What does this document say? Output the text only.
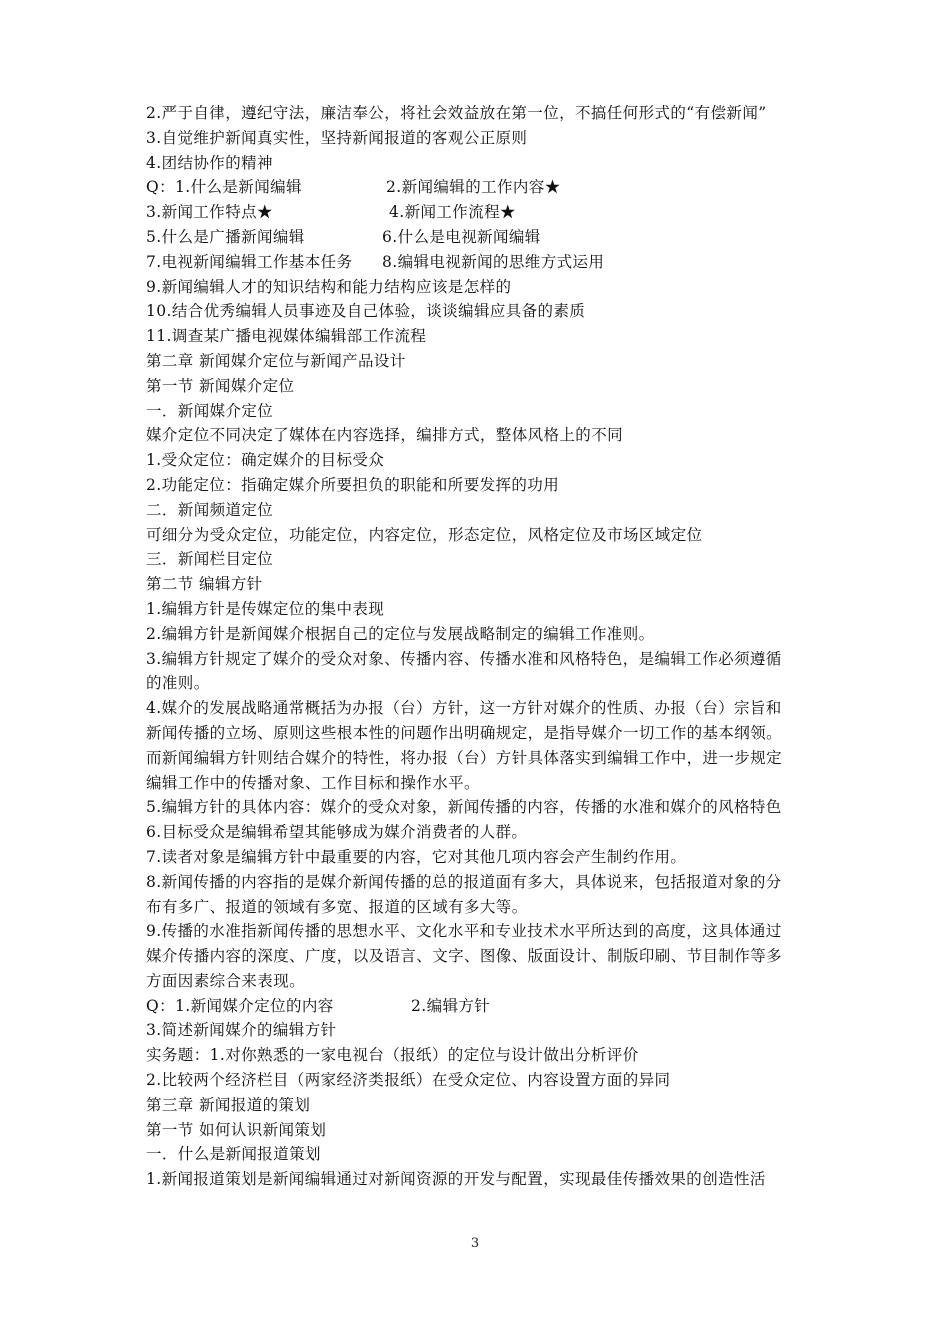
2.严于自律，遵纪守法，廉洁奉公，将社会效益放在第一位，不搞任何形式的“有偿新闻”
3.自觉维护新闻真实性，坚持新闻报道的客观公正原则
4.团结协作的精神
Q：1.什么是新闻编辑	2.新闻编辑的工作内容★
3.新闻工作特点★	4.新闻工作流程★
5.什么是广播新闻编辑	6.什么是电视新闻编辑
7.电视新闻编辑工作基本任务 8.编辑电视新闻的思维方式运用
9.新闻编辑人才的知识结构和能力结构应该是怎样的
10.结合优秀编辑人员事迹及自己体验，谈谈编辑应具备的素质
11.调查某广播电视媒体编辑部工作流程
第二章 新闻媒介定位与新闻产品设计
第一节 新闻媒介定位
一．新闻媒介定位
媒介定位不同决定了媒体在内容选择，编排方式，整体风格上的不同
1.受众定位：确定媒介的目标受众
2.功能定位：指确定媒介所要担负的职能和所要发挥的功用
二．新闻频道定位
可细分为受众定位，功能定位，内容定位，形态定位，风格定位及市场区域定位
三．新闻栏目定位
第二节 编辑方针
1.编辑方针是传媒定位的集中表现
2.编辑方针是新闻媒介根据自己的定位与发展战略制定的编辑工作准则。
3.编辑方针规定了媒介的受众对象、传播内容、传播水准和风格特色，是编辑工作必须遵循
的准则。
4.媒介的发展战略通常概括为办报（台）方针，这一方针对媒介的性质、办报（台）宗旨和
新闻传播的立场、原则这些根本性的问题作出明确规定，是指导媒介一切工作的基本纲领。
而新闻编辑方针则结合媒介的特性，将办报（台）方针具体落实到编辑工作中，进一步规定
编辑工作中的传播对象、工作目标和操作水平。
5.编辑方针的具体内容：媒介的受众对象，新闻传播的内容，传播的水准和媒介的风格特色
6.目标受众是编辑希望其能够成为媒介消费者的人群。
7.读者对象是编辑方针中最重要的内容，它对其他几项内容会产生制约作用。
8.新闻传播的内容指的是媒介新闻传播的总的报道面有多大，具体说来，包括报道对象的分
布有多广、报道的领域有多宽、报道的区域有多大等。
9.传播的水准指新闻传播的思想水平、文化水平和专业技术水平所达到的高度，这具体通过
媒介传播内容的深度、广度，以及语言、文字、图像、版面设计、制版印刷、节目制作等多
方面因素综合来表现。
Q：1.新闻媒介定位的内容	2.编辑方针
3.简述新闻媒介的编辑方针
实务题：1.对你熟悉的一家电视台（报纸）的定位与设计做出分析评价
2.比较两个经济栏目（两家经济类报纸）在受众定位、内容设置方面的异同
第三章 新闻报道的策划
第一节 如何认识新闻策划
一．什么是新闻报道策划
1.新闻报道策划是新闻编辑通过对新闻资源的开发与配置，实现最佳传播效果的创造性活
3
